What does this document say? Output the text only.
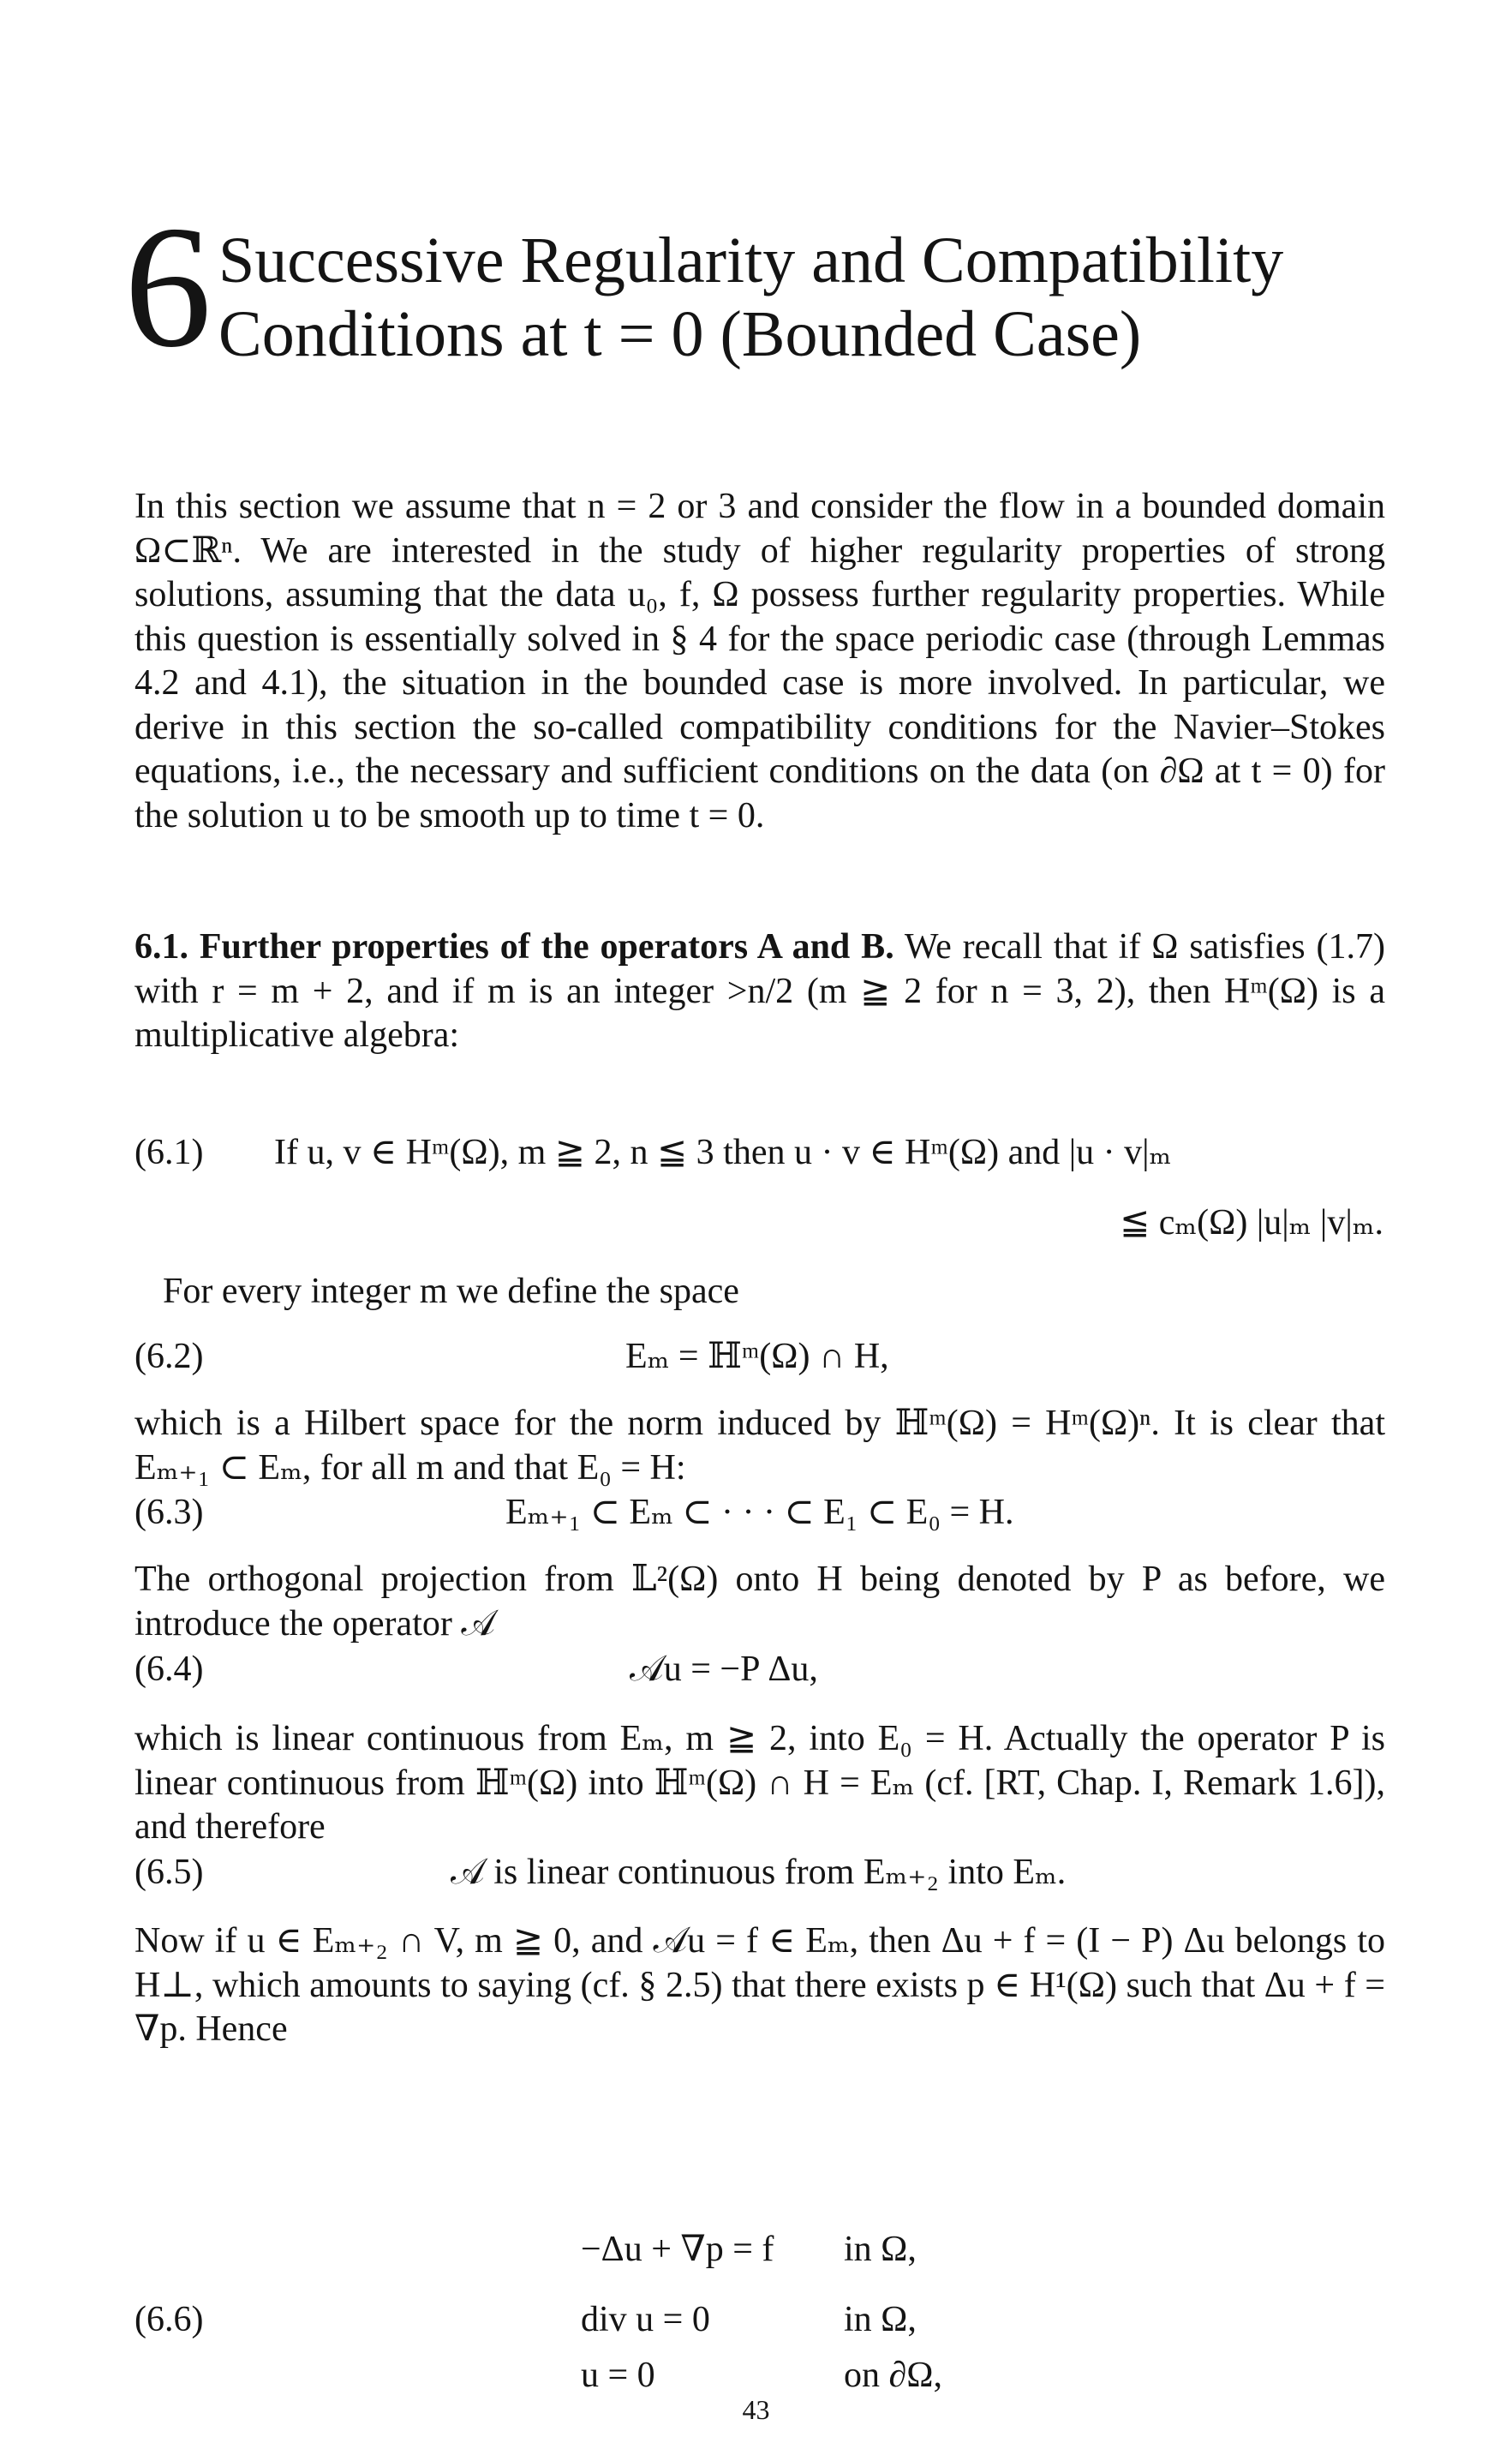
6 Successive Regularity and Compatibility
Conditions at t = 0 (Bounded Case)

In this section we assume that n = 2 or 3 and consider the flow in a bounded domain Ω⊂ℝⁿ. We are interested in the study of higher regularity properties of strong solutions, assuming that the data u₀, f, Ω possess further regularity properties. While this question is essentially solved in § 4 for the space periodic case (through Lemmas 4.2 and 4.1), the situation in the bounded case is more involved. In particular, we derive in this section the so-called compatibility conditions for the Navier–Stokes equations, i.e., the necessary and sufficient conditions on the data (on ∂Ω at t = 0) for the solution u to be smooth up to time t = 0.

6.1. Further properties of the operators A and B. We recall that if Ω satisfies (1.7) with r = m + 2, and if m is an integer >n/2 (m ≧ 2 for n = 3, 2), then Hᵐ(Ω) is a multiplicative algebra:

(6.1) If u, v ∈ Hᵐ(Ω), m ≧ 2, n ≦ 3 then u · v ∈ Hᵐ(Ω) and |u · v|ₘ
≦ cₘ(Ω) |u|ₘ |v|ₘ.
For every integer m we define the space
(6.2)	Eₘ = ℍᵐ(Ω) ∩ H,

which is a Hilbert space for the norm induced by ℍᵐ(Ω) = Hᵐ(Ω)ⁿ. It is clear that Eₘ₊₁ ⊂ Eₘ, for all m and that E₀ = H:

(6.3)	Eₘ₊₁ ⊂ Eₘ ⊂ · · · ⊂ E₁ ⊂ E₀ = H.

The orthogonal projection from 𝕃²(Ω) onto H being denoted by P as before, we introduce the operator 𝒜

(6.4)	𝒜u = −P Δu,

which is linear continuous from Eₘ, m ≧ 2, into E₀ = H. Actually the operator P is linear continuous from ℍᵐ(Ω) into ℍᵐ(Ω) ∩ H = Eₘ (cf. [RT, Chap. I, Remark 1.6]), and therefore

(6.5)	𝒜 is linear continuous from Eₘ₊₂ into Eₘ.

Now if u ∈ Eₘ₊₂ ∩ V, m ≧ 0, and 𝒜u = f ∈ Eₘ, then Δu + f = (I − P) Δu belongs to H⊥, which amounts to saying (cf. § 2.5) that there exists p ∈ H¹(Ω) such that Δu + f = ∇p. Hence

(6.6)
−Δu + ∇p = f in Ω,
div u = 0	in Ω,
u = 0	on ∂Ω,
43
